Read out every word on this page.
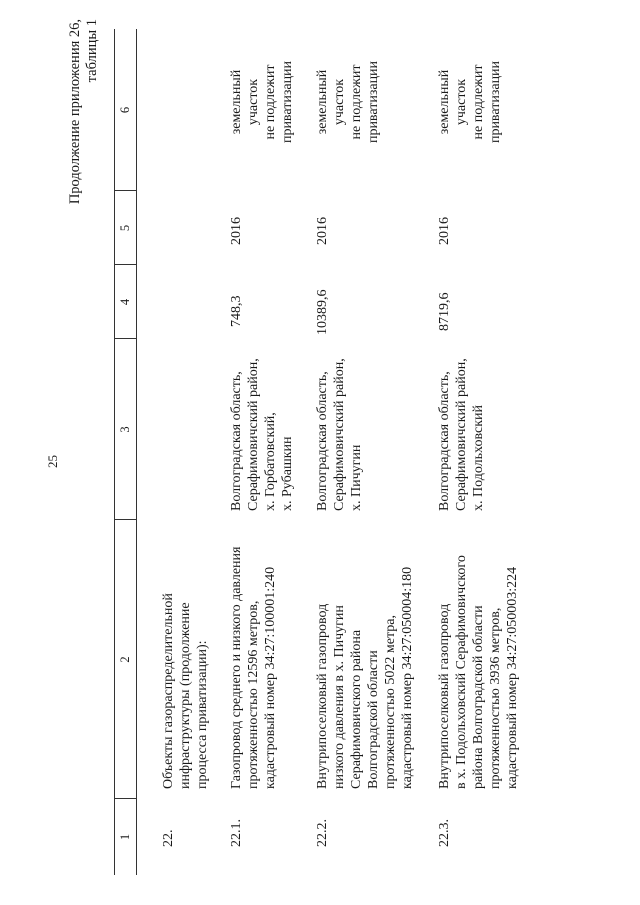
25
Продолжение приложения 26, таблицы 1
1
2
3
4
5
6
22.
Объекты газораспределительной инфраструктуры (продолжение процесса приватизации):
22.1.
Газопровод среднего и низкого давления протяженностью 12596 метров, кадастровый номер 34:27:100001:240
Волгоградская область, Серафимовичский район, х. Горбатовский, х. Рубашкин
748,3
2016
земельный участок не подлежит приватизации
22.2.
Внутрипоселковый газопровод низкого давления в х. Пичугин Серафимовичского района Волгоградской области протяженностью 5022 метра, кадастровый номер 34:27:050004:180
Волгоградская область, Серафимовичский район, х. Пичугин
10389,6
2016
земельный участок не подлежит приватизации
22.3.
Внутрипоселковый газопровод в х. Подольховский Серафимовичского района Волгоградской области протяженностью 3936 метров, кадастровый номер 34:27:050003:224
Волгоградская область, Серафимовичский район, х. Подольховский
8719,6
2016
земельный участок не подлежит приватизации
